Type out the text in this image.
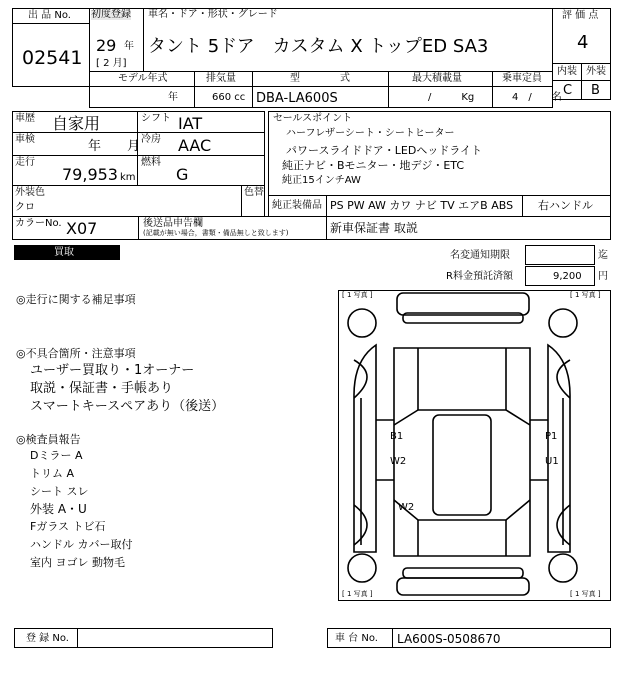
出 品 No.
02541
初度登録
29 年
[ 2 月]
車名・ドア・形状・グレード
タント 5ドア　カスタム X トップED SA3
評 価 点
4
内装 外装
C B
モデル年式
年
排気量
660 cc
型　　　　式
DBA-LA600S
最大積載量
/　　　Kg
乗車定員
4　/　　名
車歴 自家用	シフト IAT
車検	年　　月 冷房 AAC
走行
79,953 km
燃料
G
外装色
クロ
色替
カラーNo. X07	後送品申告欄
(記載が無い場合，書類・備品無しと致します)
セールスポイント
ハーフレザーシート・シートヒーター
パワースライドドア・LEDヘッドライト
純正ナビ・Bモニター・地デジ・ETC
純正15インチAW
純正装備品 PS PW AW カワ ナビ TV エアB ABS 右ハンドル
新車保証書 取説
買取	名変通知期限	迄
R料金預託済額	9,200 円
◎走行に関する補足事項
◎不具合箇所・注意事項
ユーザー買取り・1オーナー
取説・保証書・手帳あり
スマートキースペアあり（後送）
◎検査員報告
Dミラー A
トリム A
シート スレ
外装 A・U
Fガラス トビ石
ハンドル カバー取付
室内 ヨゴレ 動物毛
[ 1 写真 ]	[ 1 写真 ]
[ 1 写真 ]	[ 1 写真 ]
B1
W2
P1
U1
W2
登 録 No.	車 台 No. LA600S-0508670
